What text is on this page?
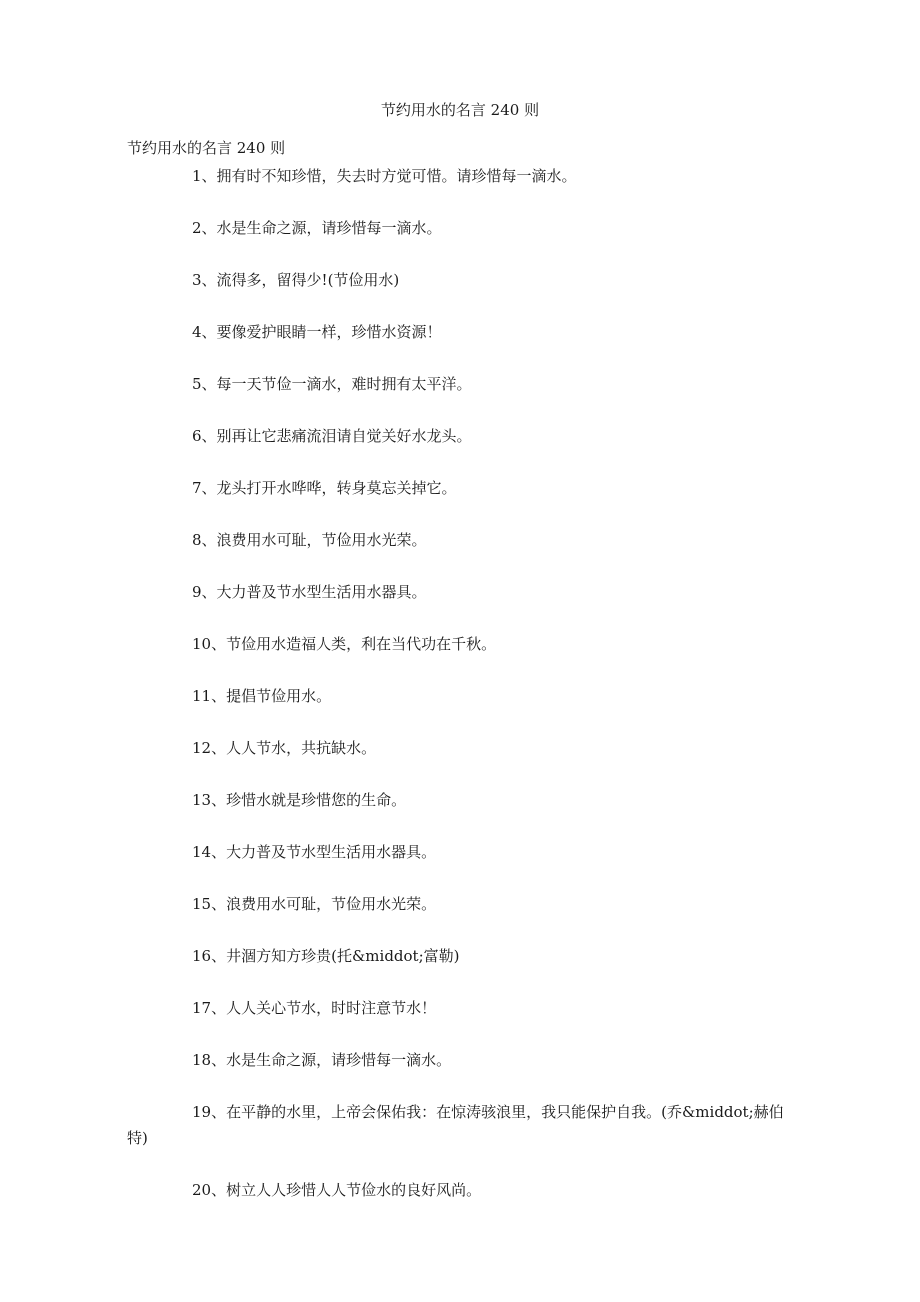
节约用水的名言 240 则
节约用水的名言 240 则
1、拥有时不知珍惜，失去时方觉可惜。请珍惜每一滴水。
2、水是生命之源，请珍惜每一滴水。
3、流得多，留得少!(节俭用水)
4、要像爱护眼睛一样，珍惜水资源！
5、每一天节俭一滴水，难时拥有太平洋。
6、别再让它悲痛流泪请自觉关好水龙头。
7、龙头打开水哗哗，转身莫忘关掉它。
8、浪费用水可耻，节俭用水光荣。
9、大力普及节水型生活用水器具。
10、节俭用水造福人类，利在当代功在千秋。
11、提倡节俭用水。
12、人人节水，共抗缺水。
13、珍惜水就是珍惜您的生命。
14、大力普及节水型生活用水器具。
15、浪费用水可耻，节俭用水光荣。
16、井涸方知方珍贵(托&middot;富勒)
17、人人关心节水，时时注意节水！
18、水是生命之源，请珍惜每一滴水。
19、在平静的水里，上帝会保佑我：在惊涛骇浪里，我只能保护自我。(乔&middot;赫伯特)
20、树立人人珍惜人人节俭水的良好风尚。
